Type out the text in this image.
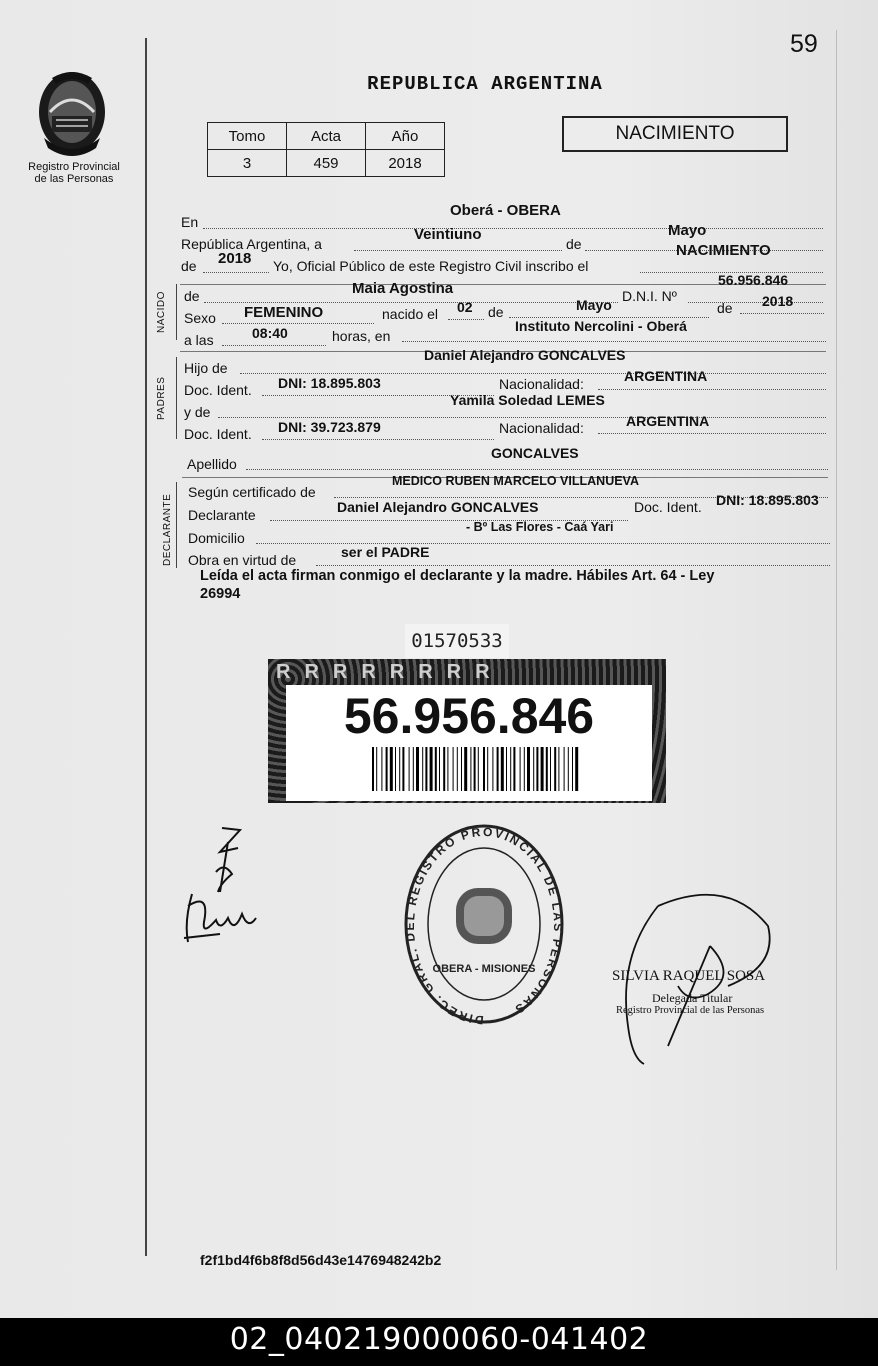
59
Registro Provincial
de las Personas
REPUBLICA ARGENTINA
Tomo	Acta	Año
3	459	2018
NACIMIENTO
En
Oberá - OBERA
República Argentina, a
Veintiuno
de
Mayo
de 2018 Yo, Oficial Público de este Registro Civil inscribo el
NACIMIENTO
NACIDO de	Maia Agostina	D.N.I. Nº
56.956.846
Sexo FEMENINO	nacido el 02 de	Mayo	de 2018
a las	08:40	horas, en
Instituto Nercolini - Oberá
PADRES
Hijo de
Daniel Alejandro GONCALVES
Doc. Ident. DNI: 18.895.803	Nacionalidad:	ARGENTINA
y de
Yamila Soledad LEMES
Doc. Ident. DNI: 39.723.879	Nacionalidad:	ARGENTINA
Apellido
GONCALVES
DECLARANTE
Según certificado de
MEDICO RUBEN MARCELO VILLANUEVA
Declarante	Daniel Alejandro GONCALVES	Doc. Ident. DNI: 18.895.803
Domicilio
- Bº Las Flores - Caá Yari
Obra en virtud de	ser el PADRE
Leída el acta firman conmigo el declarante y la madre. Hábiles Art. 64 - Ley
26994
01570533
RRRRRRRR
56.956.846
DIREC. GRAL. DEL REGISTRO PROVINCIAL DE LAS PERSONAS
OBERA - MISIONES	SILVIA RAQUEL SOSA
Delegada Titular
Registro Provincial de las Personas
f2f1bd4f6b8f8d56d43e1476948242b2
02_040219000060-041402
